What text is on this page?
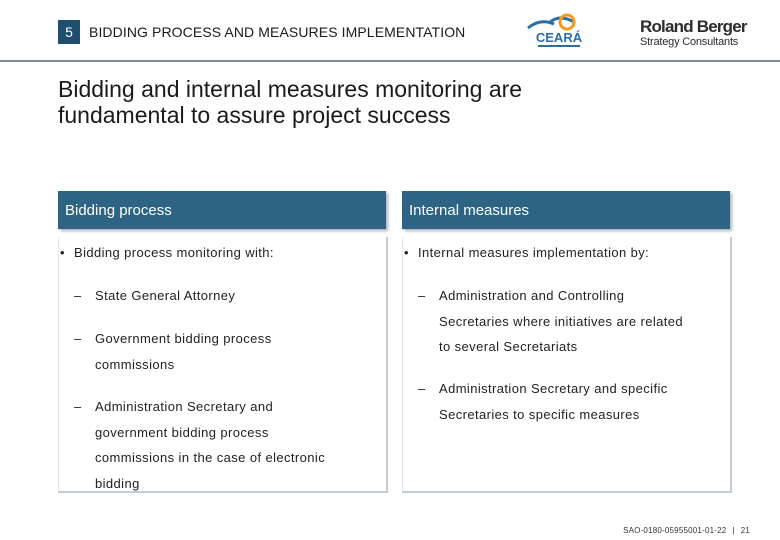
5	BIDDING PROCESS AND MEASURES IMPLEMENTATION	CEARÁ
Roland Berger
Strategy Consultants
Bidding and internal measures monitoring are
fundamental to assure project success
Bidding process
• Bidding process monitoring with:
– State General Attorney
– Government bidding process
commissions
– Administration Secretary and
government bidding process
commissions in the case of electronic
bidding
Internal measures
• Internal measures implementation by:
– Administration and Controlling
Secretaries where initiatives are related
to several Secretariats
– Administration Secretary and specific
Secretaries to specific measures
SAO-0180-05955001-01-22 | 21
